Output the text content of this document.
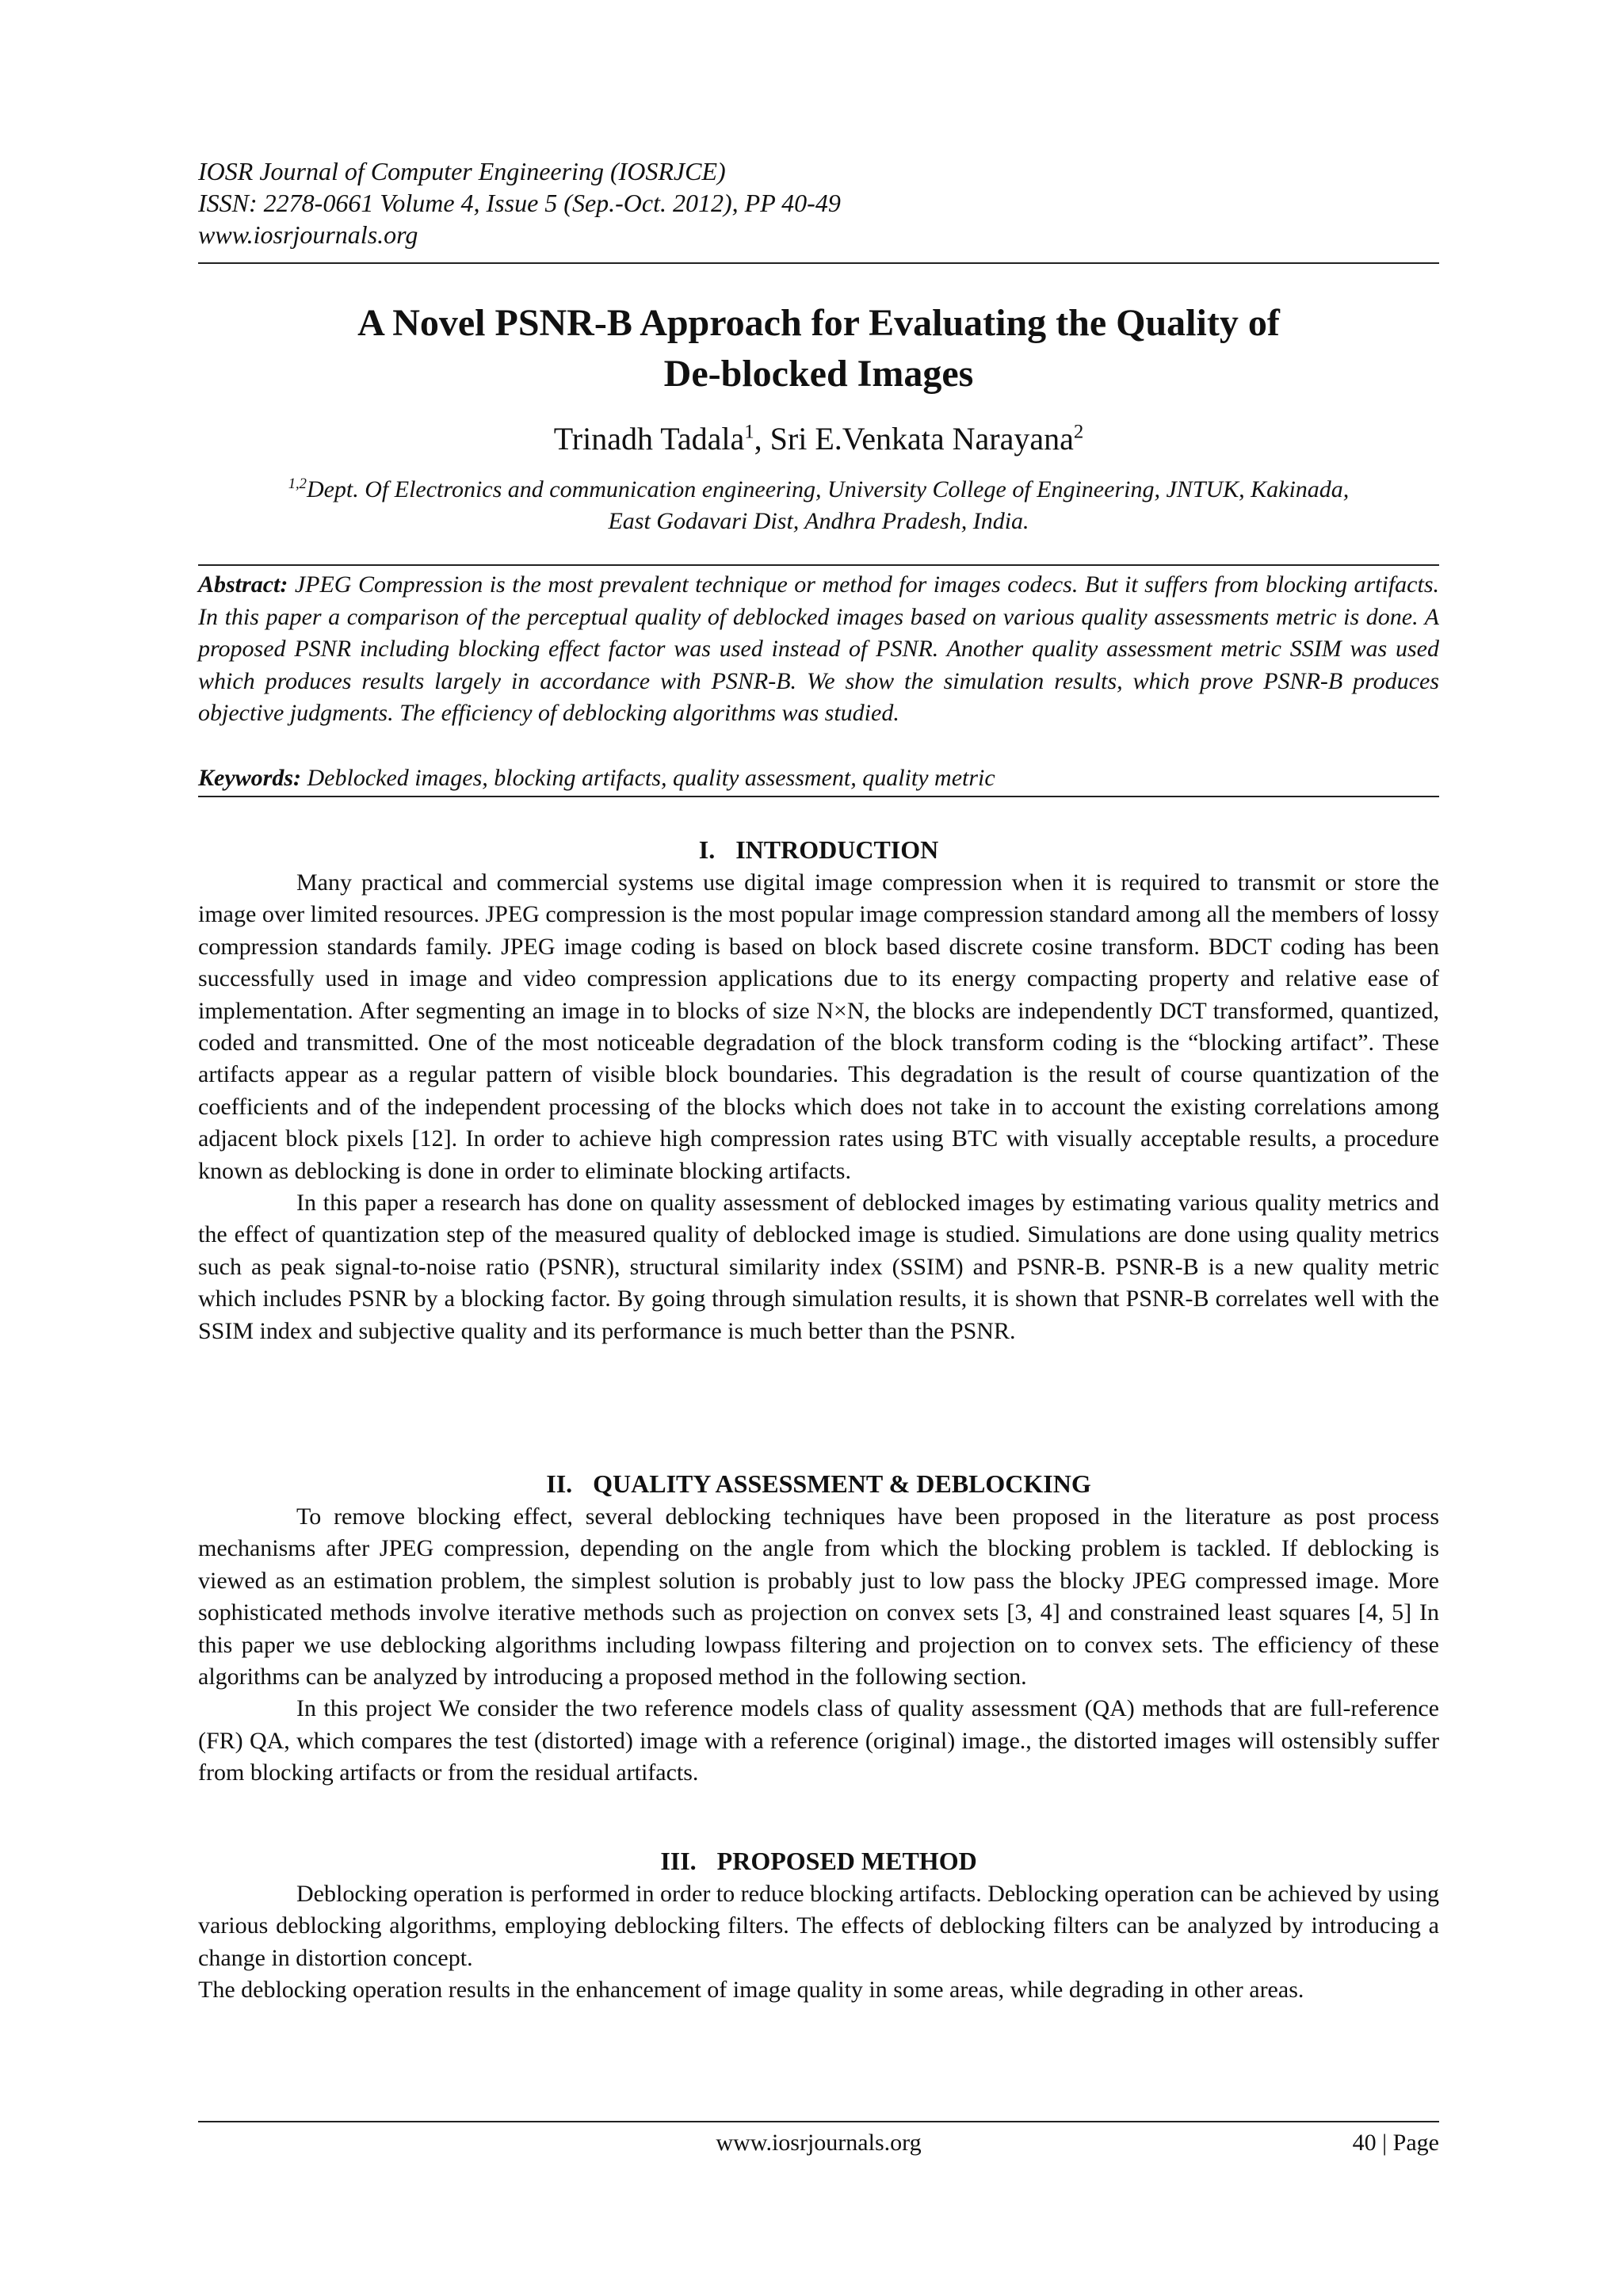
IOSR Journal of Computer Engineering (IOSRJCE)
ISSN: 2278-0661 Volume 4, Issue 5 (Sep.-Oct. 2012), PP 40-49
www.iosrjournals.org
A Novel PSNR-B Approach for Evaluating the Quality of
De-blocked Images
Trinadh Tadala$^1$, Sri E.Venkata Narayana$^2$
$^{1,2}$Dept. Of Electronics and communication engineering, University College of Engineering, JNTUK, Kakinada,
East Godavari Dist, Andhra Pradesh, India.
Abstract: JPEG Compression is the most prevalent technique or method for images codecs. But it suffers from blocking artifacts. In this paper a comparison of the perceptual quality of deblocked images based on various quality assessments metric is done. A proposed PSNR including blocking effect factor was used instead of PSNR. Another quality assessment metric SSIM was used which produces results largely in accordance with PSNR-B. We show the simulation results, which prove PSNR-B produces objective judgments. The efficiency of deblocking algorithms was studied.
Keywords: Deblocked images, blocking artifacts, quality assessment, quality metric
I. INTRODUCTION

Many practical and commercial systems use digital image compression when it is required to transmit or store the image over limited resources. JPEG compression is the most popular image compression standard among all the members of lossy compression standards family. JPEG image coding is based on block based discrete cosine transform. BDCT coding has been successfully used in image and video compression applications due to its energy compacting property and relative ease of implementation. After segmenting an image in to blocks of size N×N, the blocks are independently DCT transformed, quantized, coded and transmitted. One of the most noticeable degradation of the block transform coding is the “blocking artifact”. These artifacts appear as a regular pattern of visible block boundaries. This degradation is the result of course quantization of the coefficients and of the independent processing of the blocks which does not take in to account the existing correlations among adjacent block pixels [12]. In order to achieve high compression rates using BTC with visually acceptable results, a procedure known as deblocking is done in order to eliminate blocking artifacts.

In this paper a research has done on quality assessment of deblocked images by estimating various quality metrics and the effect of quantization step of the measured quality of deblocked image is studied. Simulations are done using quality metrics such as peak signal-to-noise ratio (PSNR), structural similarity index (SSIM) and PSNR-B. PSNR-B is a new quality metric which includes PSNR by a blocking factor. By going through simulation results, it is shown that PSNR-B correlates well with the SSIM index and subjective quality and its performance is much better than the PSNR.

II. QUALITY ASSESSMENT & DEBLOCKING

To remove blocking effect, several deblocking techniques have been proposed in the literature as post process mechanisms after JPEG compression, depending on the angle from which the blocking problem is tackled. If deblocking is viewed as an estimation problem, the simplest solution is probably just to low pass the blocky JPEG compressed image. More sophisticated methods involve iterative methods such as projection on convex sets [3, 4] and constrained least squares [4, 5] In this paper we use deblocking algorithms including lowpass filtering and projection on to convex sets. The efficiency of these algorithms can be analyzed by introducing a proposed method in the following section.

In this project We consider the two reference models class of quality assessment (QA) methods that are full-reference (FR) QA, which compares the test (distorted) image with a reference (original) image., the distorted images will ostensibly suffer from blocking artifacts or from the residual artifacts.

III. PROPOSED METHOD

Deblocking operation is performed in order to reduce blocking artifacts. Deblocking operation can be achieved by using various deblocking algorithms, employing deblocking filters. The effects of deblocking filters can be analyzed by introducing a change in distortion concept.

The deblocking operation results in the enhancement of image quality in some areas, while degrading in other areas.

www.iosrjournals.org	40 | Page
